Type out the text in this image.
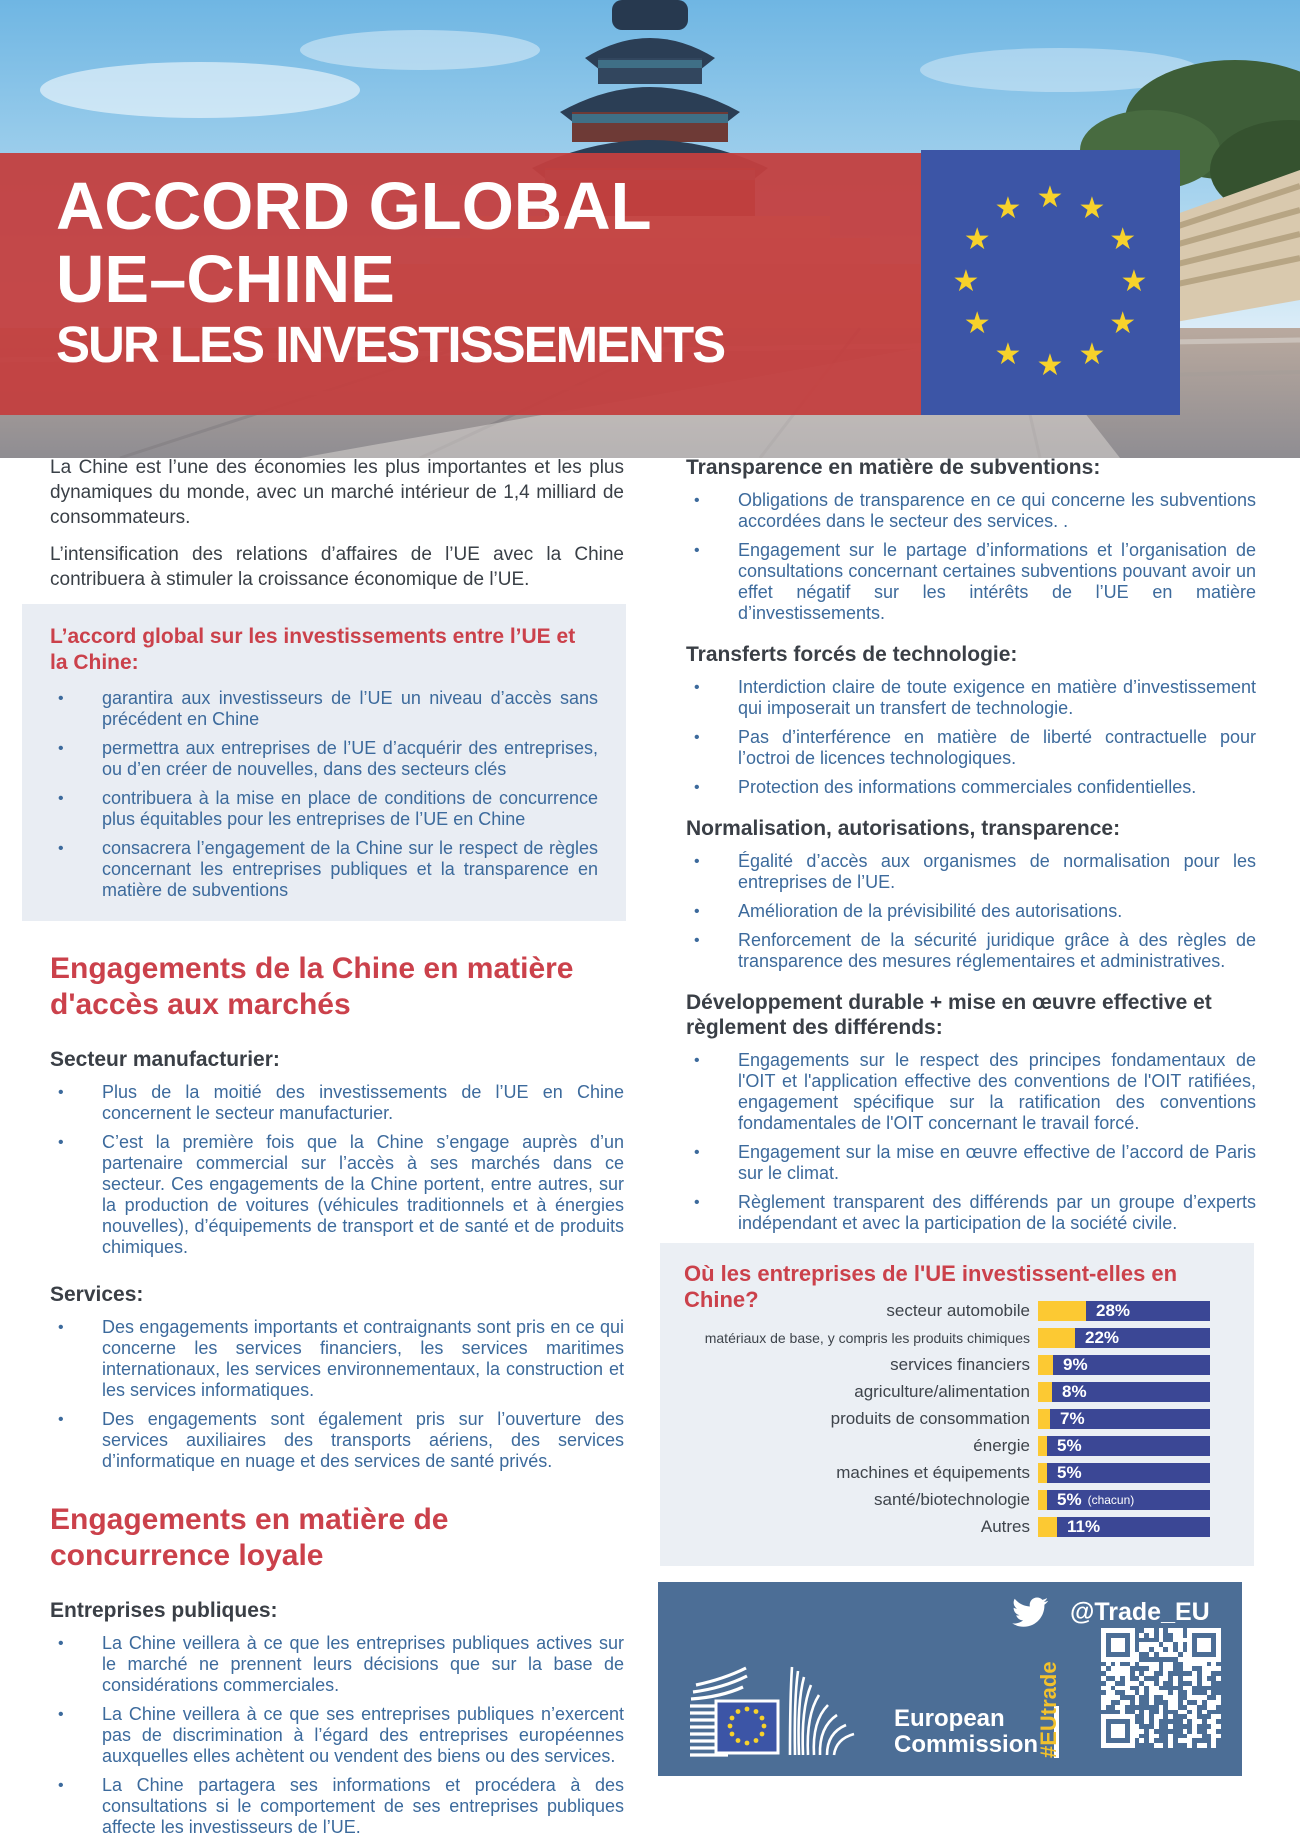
ACCORD GLOBAL
UE–CHINE
SUR LES INVESTISSEMENTS
★ ★
★
★
★
★
★
★
★
★
★
★

La Chine est l’une des économies les plus importantes et les plus dynamiques du monde, avec un marché intérieur de 1,4 milliard de consommateurs.

L’intensification des relations d’affaires de l’UE avec la Chine contribuera à stimuler la croissance économique de l’UE.

L’accord global sur les investissements entre l’UE et la Chine:
•	garantira aux investisseurs de l’UE un niveau d’accès sans précédent en Chine
•	permettra aux entreprises de l’UE d’acquérir des entreprises, ou d’en créer de nouvelles, dans des secteurs clés
•	contribuera à la mise en place de conditions de concurrence plus équitables pour les entreprises de l’UE en Chine
•	consacrera l’engagement de la Chine sur le respect de règles concernant les entreprises publiques et la transparence en matière de subventions
Engagements de la Chine en matière d'accès aux marchés
Secteur manufacturier:
•	Plus de la moitié des investissements de l’UE en Chine concernent le secteur manufacturier.
•	C’est la première fois que la Chine s’engage auprès d’un partenaire commercial sur l’accès à ses marchés dans ce secteur. Ces engagements de la Chine portent, entre autres, sur la production de voitures (véhicules traditionnels et à énergies nouvelles), d’équipements de transport et de santé et de produits chimiques.
Services:
•	Des engagements importants et contraignants sont pris en ce qui concerne les services financiers, les services maritimes internationaux, les services environnementaux, la construction et les services informatiques.
•	Des engagements sont également pris sur l’ouverture des services auxiliaires des transports aériens, des services d’informatique en nuage et des services de santé privés.
Engagements en matière de concurrence loyale
Entreprises publiques:
•	La Chine veillera à ce que les entreprises publiques actives sur le marché ne prennent leurs décisions que sur la base de considérations commerciales.
•	La Chine veillera à ce que ses entreprises publiques n’exercent pas de discrimination à l’égard des entreprises européennes auxquelles elles achètent ou vendent des biens ou des services.
•	La Chine partagera ses informations et procédera à des consultations si le comportement de ses entreprises publiques affecte les investisseurs de l’UE.
Transparence en matière de subventions:
•	Obligations de transparence en ce qui concerne les subventions accordées dans le secteur des services. .
•	Engagement sur le partage d’informations et l’organisation de consultations concernant certaines subventions pouvant avoir un effet négatif sur les intérêts de l’UE en matière d’investissements.
Transferts forcés de technologie:
•	Interdiction claire de toute exigence en matière d’investissement qui imposerait un transfert de technologie.
•	Pas d’interférence en matière de liberté contractuelle pour l’octroi de licences technologiques.
•	Protection des informations commerciales confidentielles.
Normalisation, autorisations, transparence:
•	Égalité d’accès aux organismes de normalisation pour les entreprises de l’UE.
•	Amélioration de la prévisibilité des autorisations.
•	Renforcement de la sécurité juridique grâce à des règles de transparence des mesures réglementaires et administratives.
Développement durable + mise en œuvre effective et règlement des différends:
•	Engagements sur le respect des principes fondamentaux de l'OIT et l'application effective des conventions de l'OIT ratifiées, engagement spécifique sur la ratification des conventions fondamentales de l'OIT concernant le travail forcé.
•	Engagement sur la mise en œuvre effective de l’accord de Paris sur le climat.
•	Règlement transparent des différends par un groupe d’experts indépendant et avec la participation de la société civile.
Où les entreprises de l'UE investissent-elles en Chine?	secteur automobile	28%
matériaux de base, y compris les produits chimiques	22%
services financiers 9%
agriculture/alimentation 8%
produits de consommation 7%
énergie 5%
machines et équipements 5%
santé/biotechnologie 5% (chacun)
Autres 11%
@Trade_EU
European
Commission
#EUtrade
